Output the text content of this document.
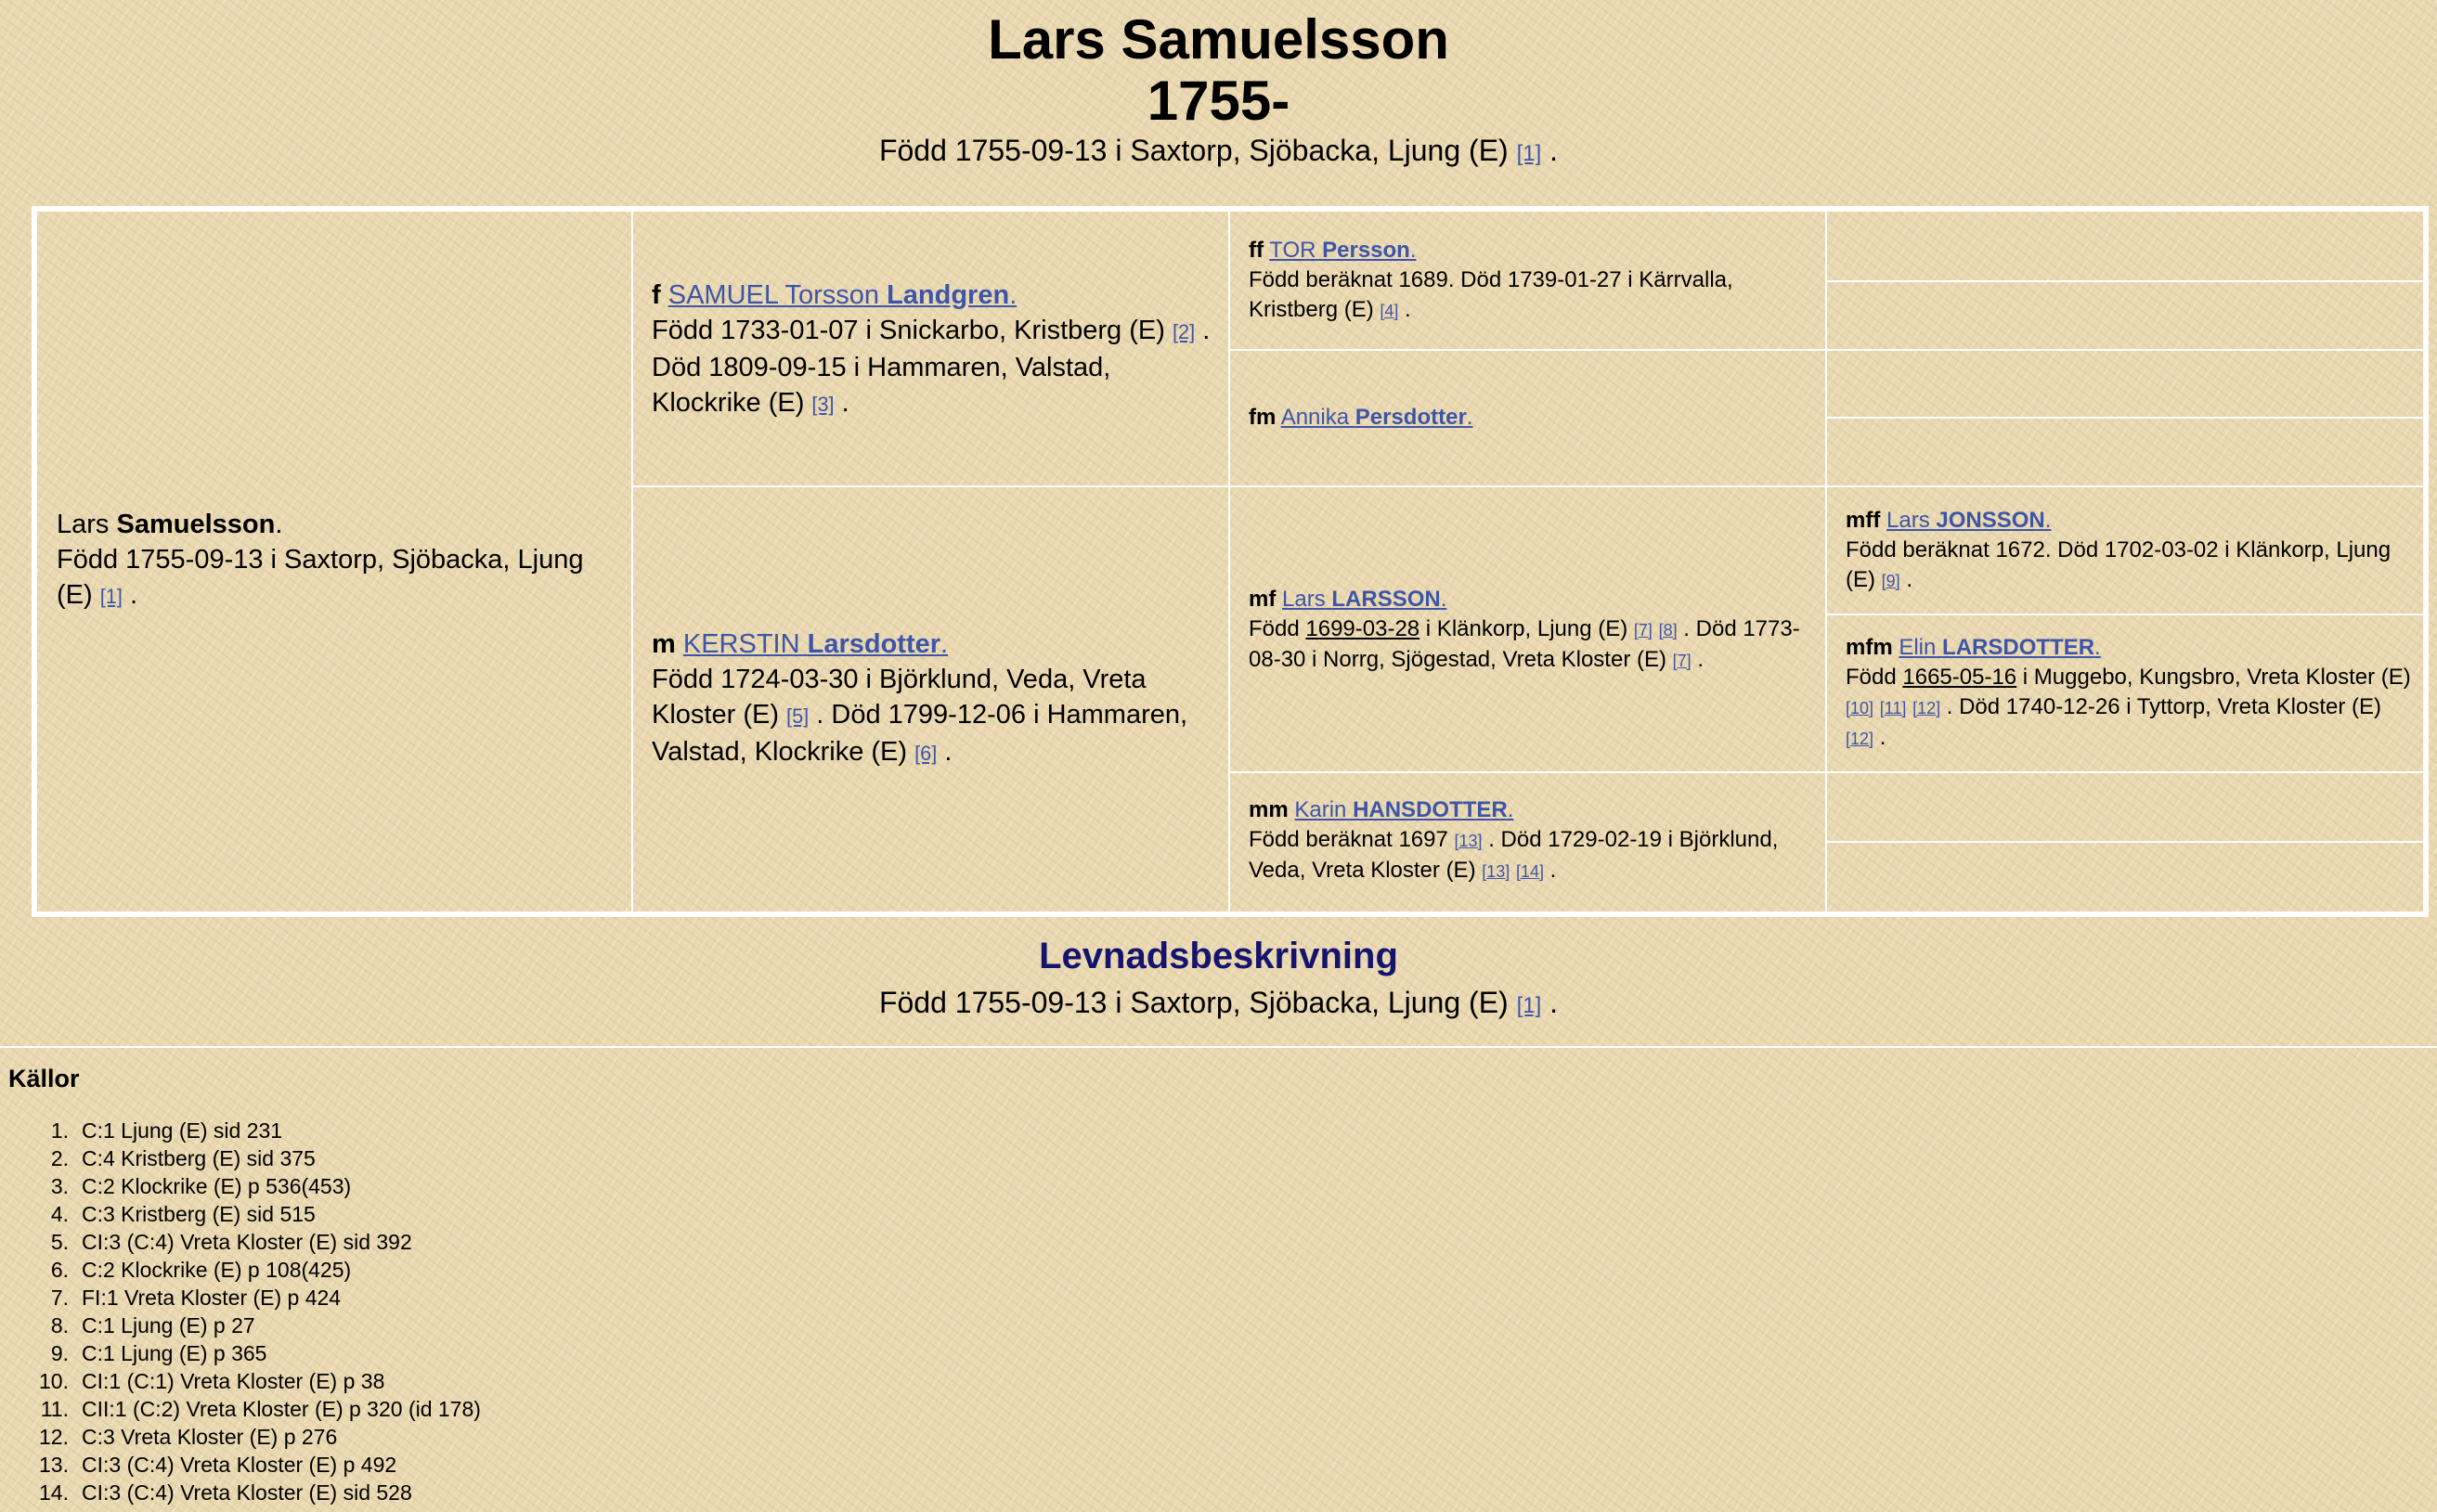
Lars Samuelsson
1755-
Född 1755-09-13 i Saxtorp, Sjöbacka, Ljung (E) [1] .
Lars Samuelsson.
Född 1755-09-13 i Saxtorp, Sjöbacka, Ljung (E) [1] .
f SAMUEL Torsson Landgren.
Född 1733-01-07 i Snickarbo, Kristberg (E) [2] . Död 1809-09-15 i Hammaren, Valstad, Klockrike (E) [3] .
m KERSTIN Larsdotter.
Född 1724-03-30 i Björklund, Veda, Vreta Kloster (E) [5] . Död 1799-12-06 i Hammaren, Valstad, Klockrike (E) [6] .
ff TOR Persson.
Född beräknat 1689. Död 1739-01-27 i Kärrvalla, Kristberg (E) [4] .
fm Annika Persdotter.
mf Lars LARSSON.
Född 1699-03-28 i Klänkorp, Ljung (E) [7] [8] . Död 1773-08-30 i Norrg, Sjögestad, Vreta Kloster (E) [7] .
mm Karin HANSDOTTER.
Född beräknat 1697 [13] . Död 1729-02-19 i Björklund, Veda, Vreta Kloster (E) [13] [14] .
mff Lars JONSSON.
Född beräknat 1672. Död 1702-03-02 i Klänkorp, Ljung (E) [9] .
mfm Elin LARSDOTTER.
Född 1665-05-16 i Muggebo, Kungsbro, Vreta Kloster (E) [10] [11] [12] . Död 1740-12-26 i Tyttorp, Vreta Kloster (E) [12] .
Levnadsbeskrivning
Född 1755-09-13 i Saxtorp, Sjöbacka, Ljung (E) [1] .
Källor
1. C:1 Ljung (E) sid 231
2. C:4 Kristberg (E) sid 375
3. C:2 Klockrike (E) p 536(453)
4. C:3 Kristberg (E) sid 515
5. CI:3 (C:4) Vreta Kloster (E) sid 392
6. C:2 Klockrike (E) p 108(425)
7. FI:1 Vreta Kloster (E) p 424
8. C:1 Ljung (E) p 27
9. C:1 Ljung (E) p 365
10. CI:1 (C:1) Vreta Kloster (E) p 38
11. CII:1 (C:2) Vreta Kloster (E) p 320 (id 178)
12. C:3 Vreta Kloster (E) p 276
13. CI:3 (C:4) Vreta Kloster (E) p 492
14. CI:3 (C:4) Vreta Kloster (E) sid 528
